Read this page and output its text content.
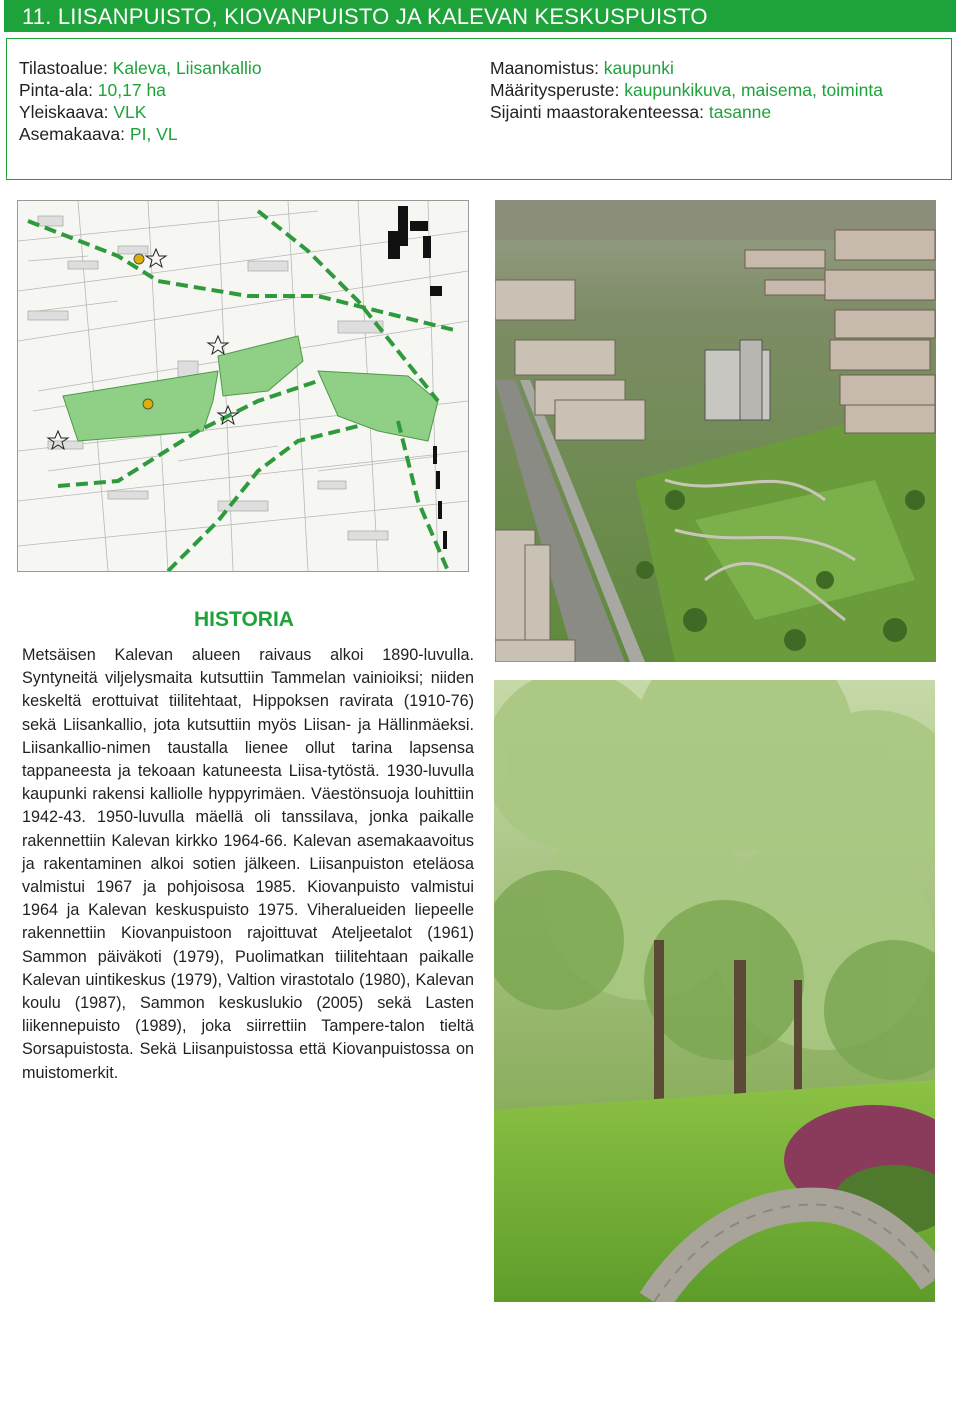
11. LIISANPUISTO, KIOVANPUISTO JA KALEVAN KESKUSPUISTO
Tilastoalue: Kaleva, Liisankallio
Pinta-ala: 10,17 ha
Yleiskaava: VLK
Asemakaava: PI, VL
Maanomistus: kaupunki
Määritysperuste: kaupunkikuva, maisema, toiminta
Sijainti maastorakenteessa: tasanne
HISTORIA
Metsäisen Kalevan alueen raivaus alkoi 1890-luvulla. Syntyneitä viljelysmaita kutsuttiin Tammelan vainioiksi; niiden keskeltä erottuivat tiilitehtaat, Hippoksen ravirata (1910-76) sekä Liisankallio, jota kutsuttiin myös Liisan- ja Hällinmäeksi. Liisankallio-nimen taustalla lienee ollut tarina lapsensa tappaneesta ja tekoaan katuneesta Liisa-tytöstä. 1930-luvulla kaupunki rakensi kalliolle hyppyrimäen. Väestönsuoja louhittiin 1942-43. 1950-luvulla mäellä oli tanssilava, jonka paikalle rakennettiin Kalevan kirkko 1964-66. Kalevan asemakaavoitus ja rakentaminen alkoi sotien jälkeen. Liisanpuiston eteläosa valmistui 1967 ja pohjoisosa 1985. Kiovanpuisto valmistui 1964 ja Kalevan keskuspuisto 1975. Viheralueiden liepeelle rakennettiin Kiovanpuistoon rajoittuvat Ateljeetalot (1961) Sammon päiväkoti (1979), Puolimatkan tiilitehtaan paikalle Kalevan uintikeskus (1979), Valtion virastotalo (1980), Kalevan koulu (1987), Sammon keskuslukio (2005) sekä Lasten liikennepuisto (1989), joka siirrettiin Tampere-talon tieltä Sorsapuistosta. Sekä Liisanpuistossa että Kiovanpuistossa on muistomerkit.
